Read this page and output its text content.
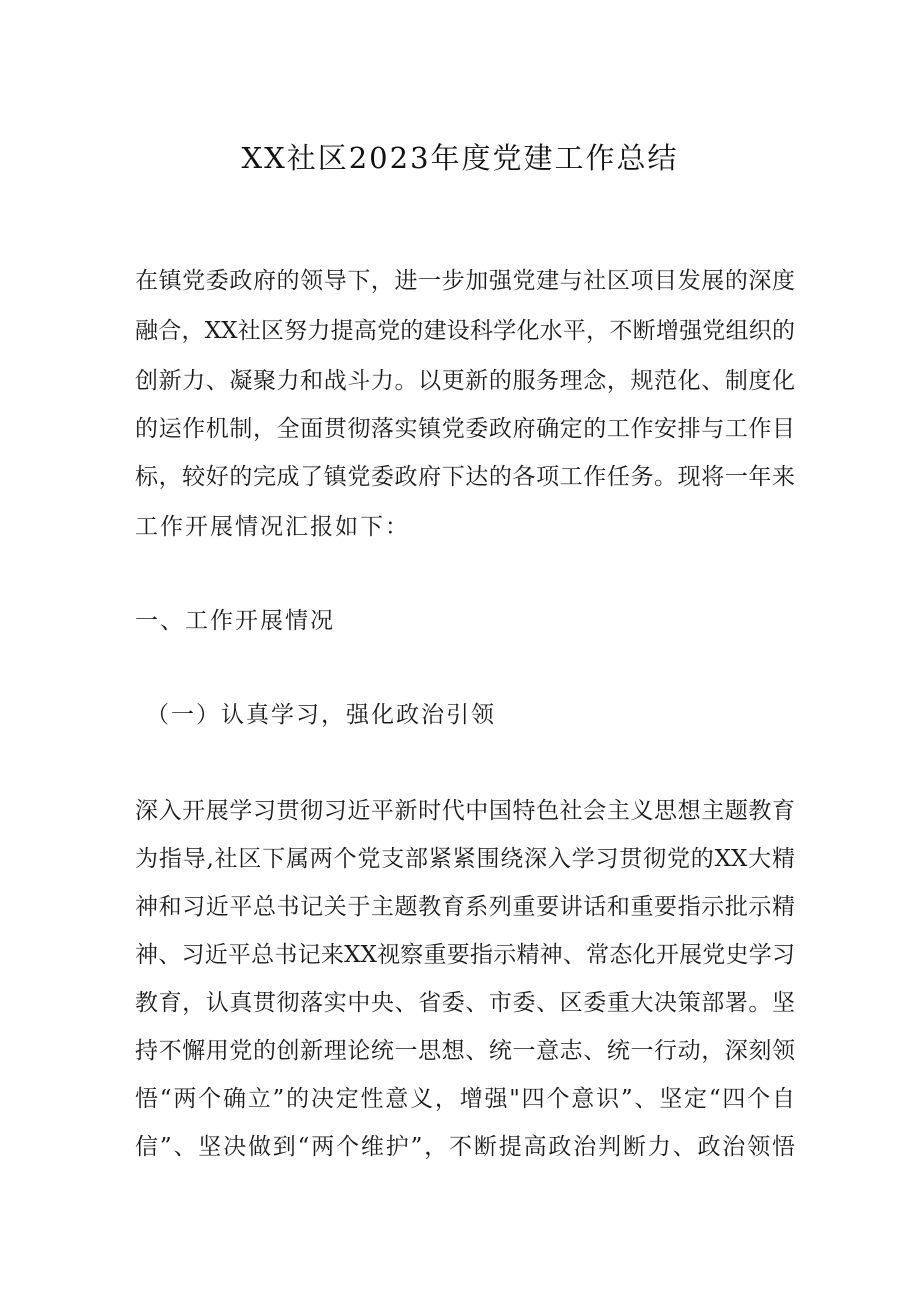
XX社区2023年度党建工作总结
在镇党委政府的领导下，进一步加强党建与社区项目发展的深度
融合，XX社区努力提高党的建设科学化水平，不断增强党组织的
创新力、凝聚力和战斗力。以更新的服务理念，规范化、制度化
的运作机制，全面贯彻落实镇党委政府确定的工作安排与工作目
标，较好的完成了镇党委政府下达的各项工作任务。现将一年来
工作开展情况汇报如下：
一、工作开展情况
（一）认真学习，强化政治引领
深入开展学习贯彻习近平新时代中国特色社会主义思想主题教育
为指导,社区下属两个党支部紧紧围绕深入学习贯彻党的XX大精
神和习近平总书记关于主题教育系列重要讲话和重要指示批示精
神、习近平总书记来XX视察重要指示精神、常态化开展党史学习
教育，认真贯彻落实中央、省委、市委、区委重大决策部署。坚
持不懈用党的创新理论统一思想、统一意志、统一行动，深刻领
悟“两个确立”的决定性意义，增强"四个意识”、坚定“四个自
信”、坚决做到“两个维护”，不断提高政治判断力、政治领悟
